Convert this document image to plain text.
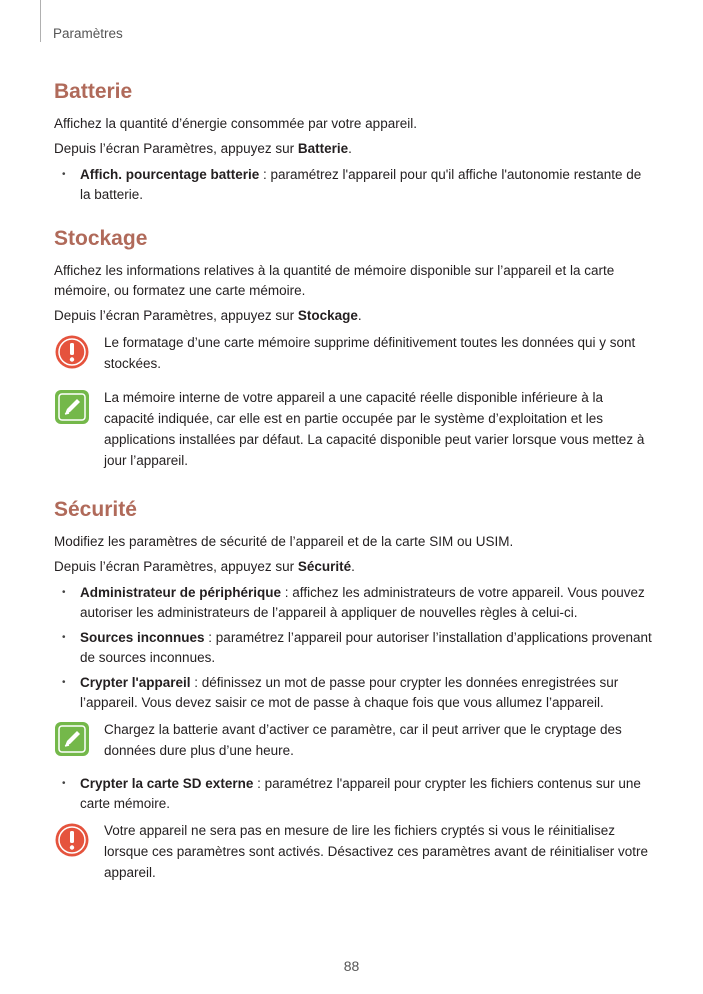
Paramètres
Batterie

Affichez la quantité d’énergie consommée par votre appareil.

Depuis l’écran Paramètres, appuyez sur Batterie.

• Affich. pourcentage batterie : paramétrez l'appareil pour qu'il affiche l'autonomie restante de la batterie.
Stockage

Affichez les informations relatives à la quantité de mémoire disponible sur l’appareil et la carte mémoire, ou formatez une carte mémoire.

Depuis l’écran Paramètres, appuyez sur Stockage.

Le formatage d’une carte mémoire supprime définitivement toutes les données qui y sont stockées.

La mémoire interne de votre appareil a une capacité réelle disponible inférieure à la capacité indiquée, car elle est en partie occupée par le système d’exploitation et les applications installées par défaut. La capacité disponible peut varier lorsque vous mettez à jour l’appareil.

Sécurité

Modifiez les paramètres de sécurité de l’appareil et de la carte SIM ou USIM.

Depuis l’écran Paramètres, appuyez sur Sécurité.

• Administrateur de périphérique : affichez les administrateurs de votre appareil. Vous pouvez autoriser les administrateurs de l’appareil à appliquer de nouvelles règles à celui-ci.
• Sources inconnues : paramétrez l’appareil pour autoriser l’installation d’applications provenant de sources inconnues.
• Crypter l'appareil : définissez un mot de passe pour crypter les données enregistrées sur l’appareil. Vous devez saisir ce mot de passe à chaque fois que vous allumez l’appareil.

Chargez la batterie avant d’activer ce paramètre, car il peut arriver que le cryptage des données dure plus d’une heure.

• Crypter la carte SD externe : paramétrez l'appareil pour crypter les fichiers contenus sur une carte mémoire.

Votre appareil ne sera pas en mesure de lire les fichiers cryptés si vous le réinitialisez lorsque ces paramètres sont activés. Désactivez ces paramètres avant de réinitialiser votre appareil.

88
